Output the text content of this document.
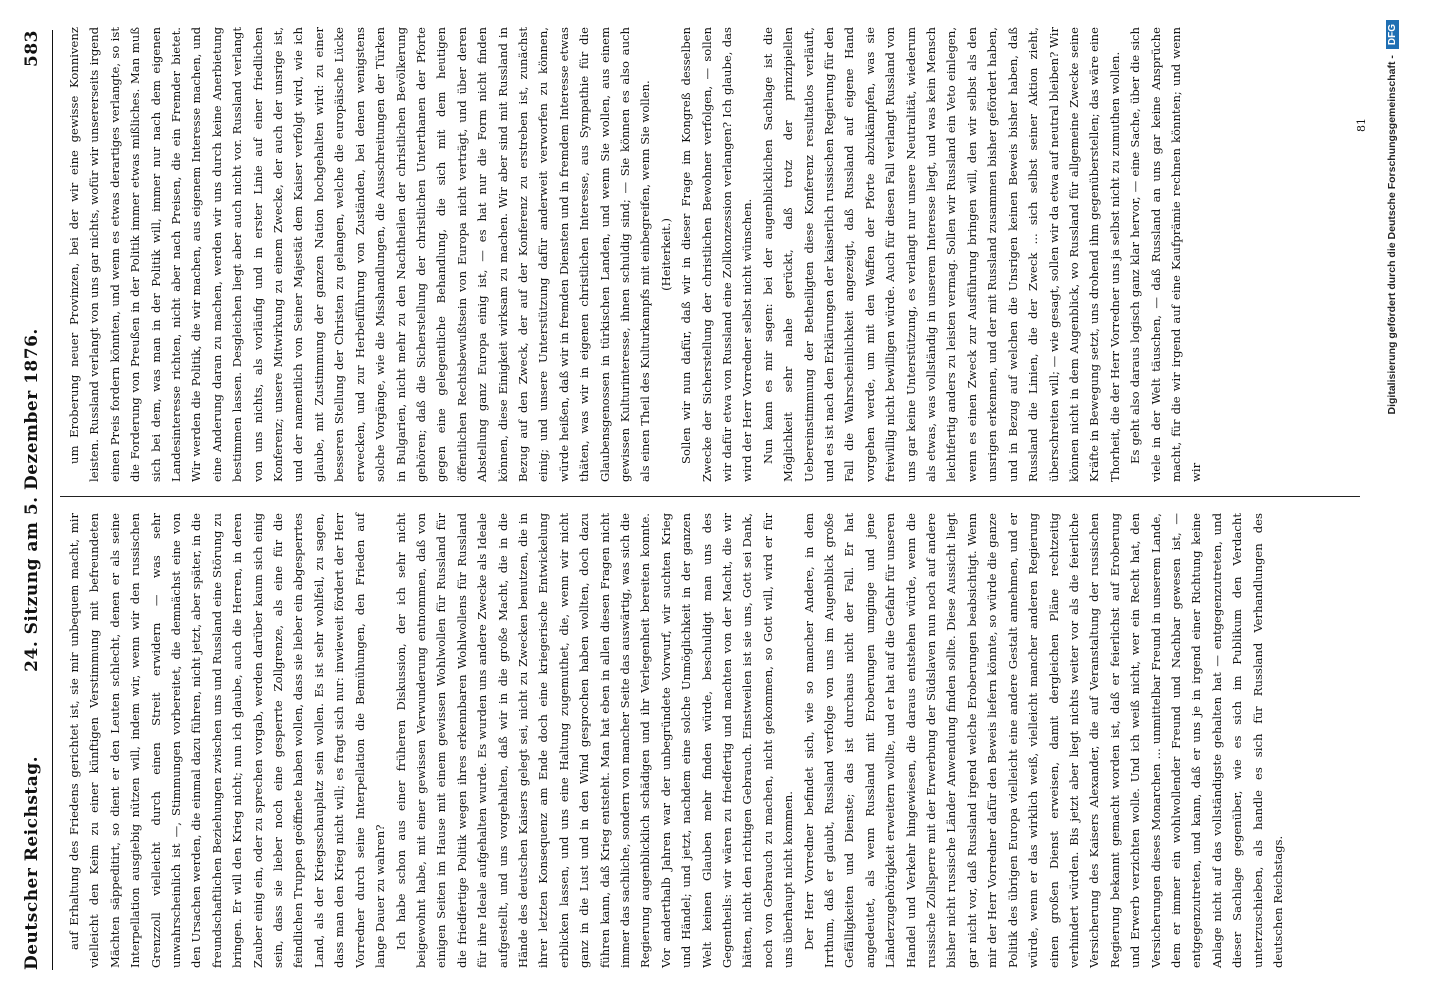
Deutscher Reichstag.
24. Sitzung am 5. Dezember 1876.
583

auf Erhaltung des Friedens gerichtet ist, sie mir unbequem macht, mir vielleicht den Keim zu einer künftigen Verstimmung mit befreundeten Mächten säppeditirt, so dient er den Leuten schlecht, denen er als seine Interpellation ausgiebig nützen will, indem wir, wenn wir den russischen Grenzzoll vielleicht durch einen Streit erwidern — was sehr unwahrscheinlich ist —, Stimmungen vorbereitet, die demnächst eine von den Ursachen werden, die einmal dazu führen, nicht jetzt, aber später, in die freundschaftlichen Beziehungen zwischen uns und Russland eine Störung zu bringen. Er will den Krieg nicht; nun ich glaube, auch die Herren, in deren Zauber einig ein, oder zu sprechen vorgab, werden darüber kaum sich einig sein, dass sie lieber noch eine gesperrte Zollgrenze, als eine für die feindlichen Truppen geöffnete haben wollen, dass sie lieber ein abgesperrtes Land, als der Kriegsschauplatz sein wollen. Es ist sehr wohlfeil, zu sagen, dass man den Krieg nicht will; es fragt sich nur: inwieweit fördert der Herr Vorredner durch seine Interpellation die Bemühungen, den Frieden auf lange Dauer zu wahren? Ich habe schon aus einer früheren Diskussion, der ich sehr nicht beigewohnt habe, mit einer gewissen Verwunderung entnommen, daß von einigen Seiten im Hause mit einem gewissen Wohlwollen für Russland für die friedfertige Politik wegen ihres erkennbaren Wohlwollens für Russland für ihre Ideale aufgehalten wurde. Es wurden uns andere Zwecke als Ideale aufgestellt, und uns vorgehalten, daß wir in die große Macht, die in die Hände des deutschen Kaisers gelegt sei, nicht zu Zwecken benutzen, die in ihrer letzten Konsequenz am Ende doch eine kriegerische Entwickelung erblicken lassen, und uns eine Haltung zugemuthet, die, wenn wir nicht ganz in die Lust und in den Wind gesprochen haben wollten, doch dazu führen kann, daß Krieg entsteht. Man hat eben in allen diesen Fragen nicht immer das sachliche, sondern von mancher Seite das auswärtig, was sich die Regierung augenblicklich schädigen und ihr Verlegenheit bereiten konnte. Vor anderthalb Jahren war der unbegründete Vorwurf, wir suchten Krieg und Händel; und jetzt, nachdem eine solche Unmöglichkeit in der ganzen Welt keinen Glauben mehr finden würde, beschuldigt man uns des Gegentheils: wir wären zu friedfertig und machten von der Macht, die wir hätten, nicht den richtigen Gebrauch. Einstweilen ist sie uns, Gott sei Dank, noch von Gebrauch zu machen, nicht gekommen, so Gott will, wird er für uns überhaupt nicht kommen. Der Herr Vorredner befindet sich, wie so mancher Andere, in dem Irrthum, daß er glaubt, Russland verfolge von uns im Augenblick große Gefälligkeiten und Dienste; das ist durchaus nicht der Fall. Er hat angedeutet, als wenn Russland mit Eroberungen umginge und jene Länderzugehörigkeit erweitern wollte, und er hat auf die Gefahr für unseren Handel und Verkehr hingewiesen, die daraus entstehen würde, wenn die russische Zollsperre mit der Erwerbung der Südslaven nun noch auf andere bisher nicht russische Länder Anwendung finden sollte. Diese Aussicht liegt gar nicht vor, daß Russland irgend welche Eroberungen beabsichtigt. Wenn mir der Herr Vorredner dafür den Beweis liefern könnte, so würde die ganze Politik des übrigen Europa vielleicht eine andere Gestalt annehmen, und er würde, wenn er das wirklich weiß, vielleicht mancher anderen Regierung einen großen Dienst erweisen, damit dergleichen Pläne rechtzeitig verhindert würden. Bis jetzt aber liegt nichts weiter vor als die feierliche Versicherung des Kaisers Alexander, die auf Veranstaltung der russischen Regierung bekannt gemacht worden ist, daß er feierlichst auf Eroberung und Erwerb verzichten wolle. Und ich weiß nicht, wer ein Recht hat, den Versicherungen dieses Monarchen ... unmittelbar Freund in unserem Lande, dem er immer ein wohlwollender Freund und Nachbar gewesen ist, — entgegenzutreten, und kann, daß er uns je in irgend einer Richtung keine Anlage nicht auf das vollständigste gehalten hat — entgegenzutreten, und dieser Sachlage gegenüber, wie es sich im Publikum den Verdacht unterzuschieben, als handle es sich für Russland Verhandlungen des deutschen Reichstags.

um Eroberung neuer Provinzen, bei der wir eine gewisse Konnivenz leisten. Russland verlangt von uns gar nichts, wofür wir unsererseits irgend einen Preis fordern könnten, und wenn es etwas derartiges verlangte, so ist die Forderung von Preußen in der Politik immer etwas mißliches. Man muß sich bei dem, was man in der Politik will, immer nur nach dem eigenen Landesinteresse richten, nicht aber nach Preisen, die ein Fremder bietet. Wir werden die Politik, die wir machen, aus eigenem Interesse machen, und eine Anderung daran zu machen, werden wir uns durch keine Anerbietung bestimmen lassen. Desgleichen liegt aber auch nicht vor. Russland verlangt von uns nichts, als vorläufig und in erster Linie auf einer friedlichen Konferenz; unsere Mitwirkung zu einem Zwecke, der auch der unsrige ist, und der namentlich von Seiner Majestät dem Kaiser verfolgt wird, wie ich glaube, mit Zustimmung der ganzen Nation hochgehalten wird: zu einer besseren Stellung der Christen zu gelangen, welche die europäische Lücke erwecken, und zur Herbeiführung von Zuständen, bei denen wenigstens solche Vorgänge, wie die Misshandlungen, die Ausschreitungen der Türken in Bulgarien, nicht mehr zu den Nachtheilen der christlichen Bevölkerung gehören; daß die Sicherstellung der christlichen Unterthanen der Pforte gegen eine gelegentliche Behandlung, die sich mit dem heutigen öffentlichen Rechtsbewußtsein von Europa nicht verträgt, und über deren Abstellung ganz Europa einig ist, — es hat nur die Form nicht finden können, diese Einigkeit wirksam zu machen. Wir aber sind mit Russland in Bezug auf den Zweck, der auf der Konferenz zu erstreben ist, zunächst einig; und unsere Unterstützung dafür anderweit verworfen zu können, würde heißen, daß wir in fremden Diensten und in fremdem Interesse etwas thäten, was wir in eigenen christlichen Interesse, aus Sympathie für die Glaubensgenossen in türkischen Landen, und wenn Sie wollen, aus einem gewissen Kulturinteresse, ihnen schuldig sind; — Sie können es also auch als einen Theil des Kulturkampfs mit einbegreifen, wenn Sie wollen. (Heiterkeit.) Sollen wir nun dafür, daß wir in dieser Frage im Kongreß desselben Zwecke der Sicherstellung der christlichen Bewohner verfolgen, — sollen wir dafür etwa von Russland eine Zollkonzession verlangen? Ich glaube, das wird der Herr Vorredner selbst nicht wünschen. Nun kann es mir sagen: bei der augenblicklichen Sachlage ist die Möglichkeit sehr nahe gerückt, daß trotz der prinzipiellen Uebereinstimmung der Betheiligten diese Konferenz resultatlos verläuft, und es ist nach den Erklärungen der kaiserlich russischen Regierung für den Fall die Wahrscheinlichkeit angezeigt, daß Russland auf eigene Hand vorgehen werde, um mit den Waffen der Pforte abzukämpfen, was sie freiwillig nicht bewilligen würde. Auch für diesen Fall verlangt Russland von uns gar keine Unterstützung, es verlangt nur unsere Neutralität, wiederum als etwas, was vollständig in unserem Interesse liegt, und was kein Mensch leichtfertig anders zu leisten vermag. Sollen wir Russland ein Veto einlegen, wenn es einen Zweck zur Ausführung bringen will, den wir selbst als den unsrigen erkennen, und der mit Russland zusammen bisher gefördert haben, und in Bezug auf welchen die Unsrigen keinen Beweis bisher haben, daß Russland die Linien, die der Zweck ... sich selbst seiner Aktion zieht, überschreiten will; — wie gesagt, sollen wir da etwa auf neutral bleiben? Wir können nicht in dem Augenblick, wo Russland für allgemeine Zwecke seine Kräfte in Bewegung setzt, uns drohend ihm gegenüberstellen; das wäre eine Thorheit, die der Herr Vorredner uns ja selbst nicht zu zumuthen wollen. Es geht also daraus logisch ganz klar hervor, — eine Sache, über die sich viele in der Welt täuschen, — daß Russland an uns gar keine Ansprüche macht, für die wir irgend auf eine Kaufprämie rechnen könnten; und wenn wir

81 Digitalisierung gefördert durch die Deutsche Forschungsgemeinschaft -DFG
